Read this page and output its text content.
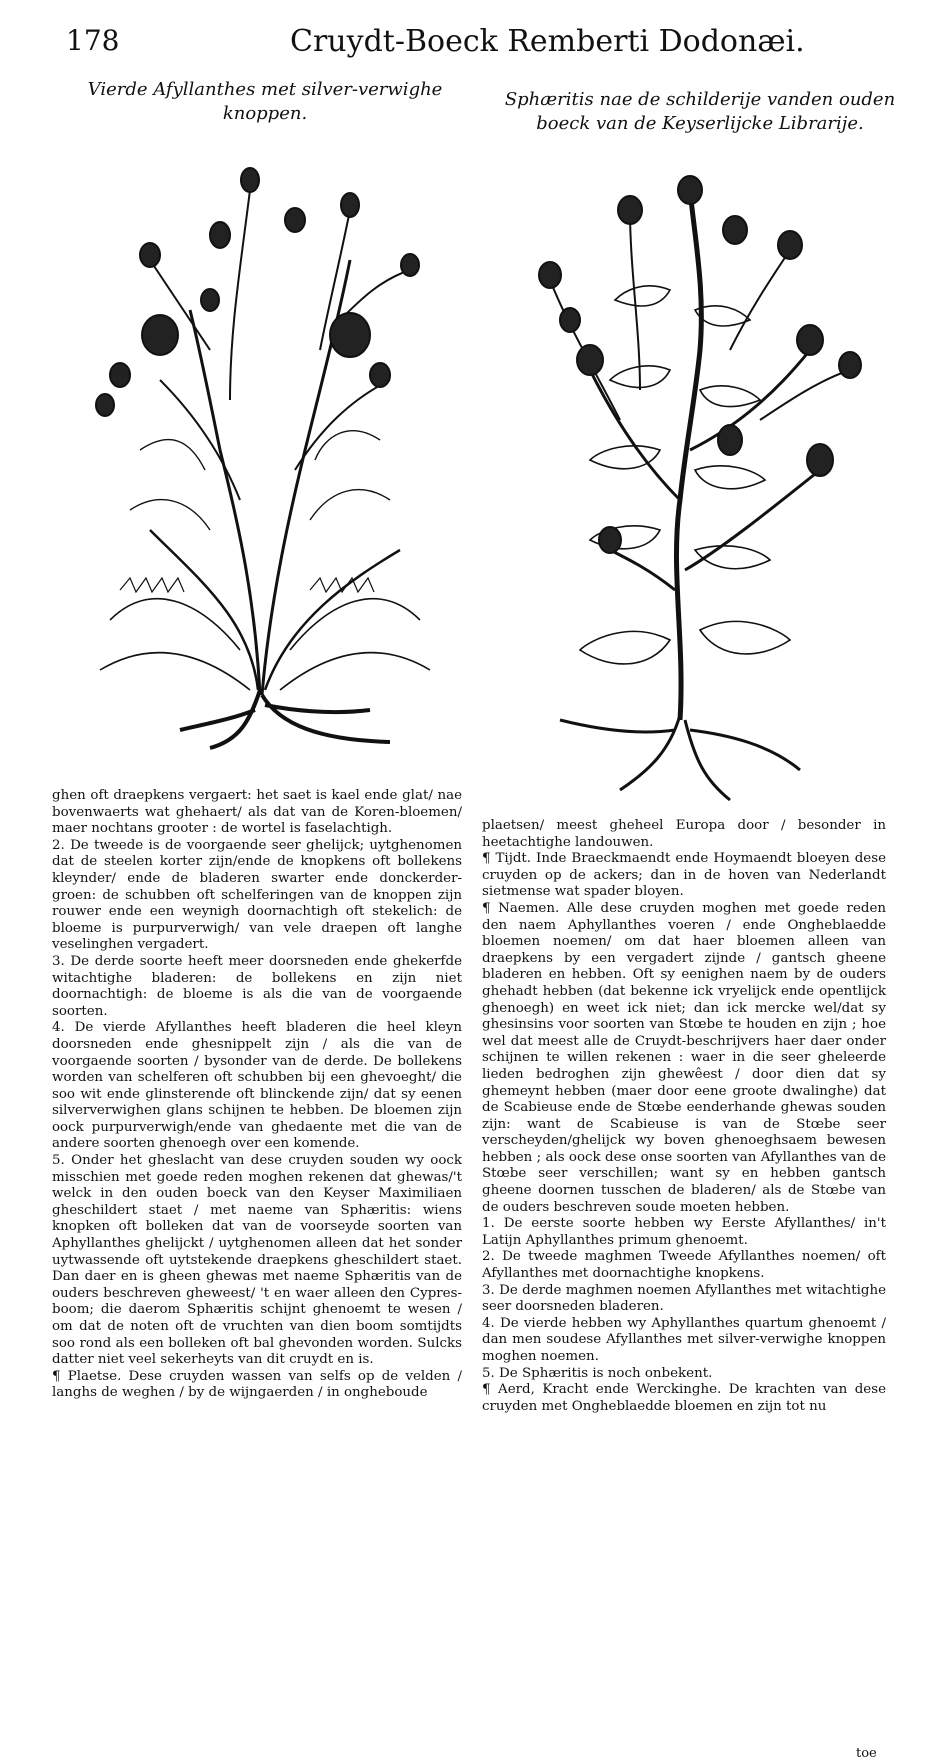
178	Cruydt-Boeck Remberti Dodonæi.
Vierde Afyllanthes met silver-verwighe knoppen.
Sphæritis nae de schilderije vanden ouden boeck van de Keyserlijcke Librarije.

ghen oft draepkens vergaert: het saet is kael ende glat/ nae bovenwaerts wat ghehaert/ als dat van de Koren-bloemen/ maer nochtans grooter : de wortel is faselachtigh.

2. De tweede is de voorgaende seer ghelijck; uytghenomen dat de steelen korter zijn/ende de knopkens oft bollekens kleynder/ ende de bladeren swarter ende donckerder-groen: de schubben oft schelferingen van de knoppen zijn rouwer ende een weynigh doornachtigh oft stekelich: de bloeme is purpurverwigh/ van vele draepen oft langhe veselinghen vergadert.

3. De derde soorte heeft meer doorsneden ende ghekerfde witachtighe bladeren: de bollekens en zijn niet doornachtigh: de bloeme is als die van de voorgaende soorten.

4. De vierde Afyllanthes heeft bladeren die heel kleyn doorsneden ende ghesnippelt zijn / als die van de voorgaende soorten / bysonder van de derde. De bollekens worden van schelferen oft schubben bij een ghevoeght/ die soo wit ende glinsterende oft blinckende zijn/ dat sy eenen silververwighen glans schijnen te hebben. De bloemen zijn oock purpurverwigh/ende van ghedaente met die van de andere soorten ghenoegh over een komende.

5. Onder het gheslacht van dese cruyden souden wy oock misschien met goede reden moghen rekenen dat ghewas/'t welck in den ouden boeck van den Keyser Maximiliaen gheschildert staet / met naeme van Sphæritis: wiens knopken oft bolleken dat van de voorseyde soorten van Aphyllanthes ghelijckt / uytghenomen alleen dat het sonder uytwassende oft uytstekende draepkens gheschildert staet. Dan daer en is gheen ghewas met naeme Sphæritis van de ouders beschreven gheweest/ 't en waer alleen den Cypres-boom; die daerom Sphæritis schijnt ghenoemt te wesen / om dat de noten oft de vruchten van dien boom somtijdts soo rond als een bolleken oft bal ghevonden worden. Sulcks datter niet veel sekerheyts van dit cruydt en is.

¶ Plaetse. Dese cruyden wassen van selfs op de velden / langhs de weghen / by de wijngaerden / in ongheboude

plaetsen/ meest gheheel Europa door / besonder in heetachtighe landouwen.

¶ Tijdt. Inde Braeckmaendt ende Hoymaendt bloeyen dese cruyden op de ackers; dan in de hoven van Nederlandt sietmense wat spader bloyen.

¶ Naemen. Alle dese cruyden moghen met goede reden den naem Aphyllanthes voeren / ende Ongheblaedde bloemen noemen/ om dat haer bloemen alleen van draepkens by een vergadert zijnde / gantsch gheene bladeren en hebben. Oft sy eenighen naem by de ouders ghehadt hebben (dat bekenne ick vryelijck ende opentlijck ghenoegh) en weet ick niet; dan ick mercke wel/dat sy ghesinsins voor soorten van Stœbe te houden en zijn ; hoe wel dat meest alle de Cruydt-beschrijvers haer daer onder schijnen te willen rekenen : waer in die seer gheleerde lieden bedroghen zijn ghewêest / door dien dat sy ghemeynt hebben (maer door eene groote dwalinghe) dat de Scabieuse ende de Stœbe eenderhande ghewas souden zijn: want de Scabieuse is van de Stœbe seer verscheyden/ghelijck wy boven ghenoeghsaem bewesen hebben ; als oock dese onse soorten van Afyllanthes van de Stœbe seer verschillen; want sy en hebben gantsch gheene doornen tusschen de bladeren/ als de Stœbe van de ouders beschreven soude moeten hebben.

1. De eerste soorte hebben wy Eerste Afyllanthes/ in't Latijn Aphyllanthes primum ghenoemt.

2. De tweede maghmen Tweede Afyllanthes noemen/ oft Afyllanthes met doornachtighe knopkens.

3. De derde maghmen noemen Afyllanthes met witachtighe seer doorsneden bladeren.

4. De vierde hebben wy Aphyllanthes quartum ghenoemt / dan men soudese Afyllanthes met silver-verwighe knoppen moghen noemen.

5. De Sphæritis is noch onbekent.

¶ Aerd, Kracht ende Werckinghe. De krachten van dese cruyden met Ongheblaedde bloemen en zijn tot nu

toe
